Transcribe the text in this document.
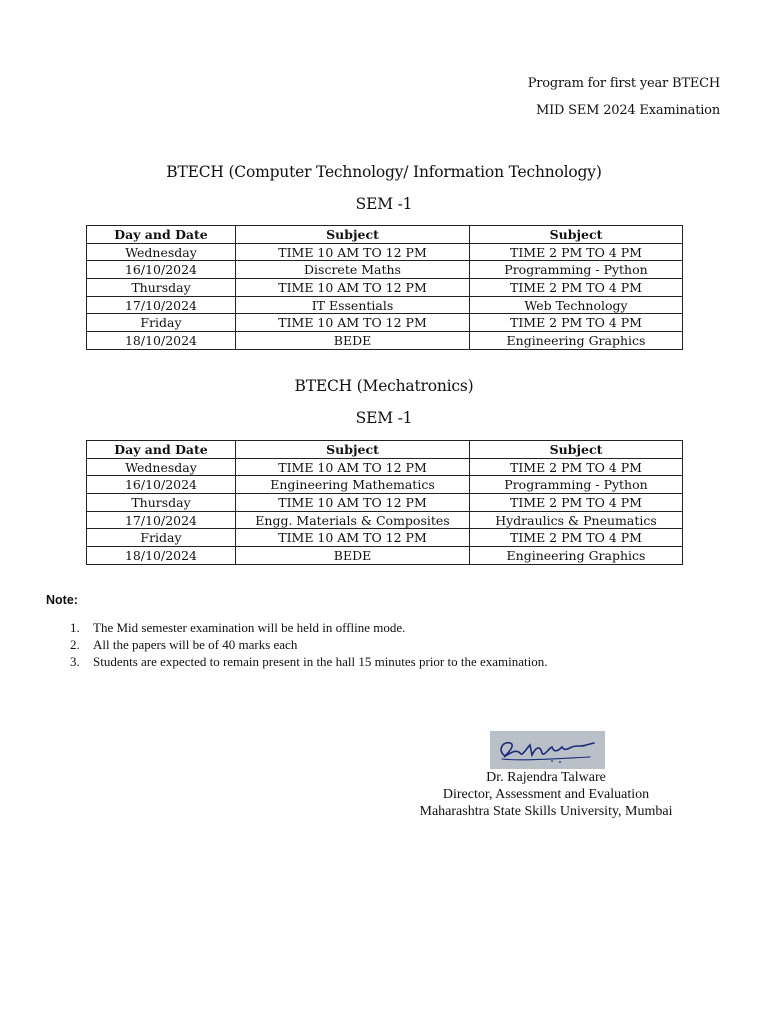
Program for first year BTECH
MID SEM 2024 Examination
BTECH (Computer Technology/ Information Technology)
SEM -1
Day and Date	Subject	Subject
Wednesday	TIME 10 AM TO 12 PM	TIME 2 PM TO 4 PM
16/10/2024	Discrete Maths	Programming - Python
Thursday	TIME 10 AM TO 12 PM	TIME 2 PM TO 4 PM
17/10/2024	IT Essentials	Web Technology
Friday	TIME 10 AM TO 12 PM	TIME 2 PM TO 4 PM
18/10/2024	BEDE	Engineering Graphics
BTECH (Mechatronics)
SEM -1
Day and Date	Subject	Subject
Wednesday	TIME 10 AM TO 12 PM	TIME 2 PM TO 4 PM
16/10/2024	Engineering Mathematics	Programming - Python
Thursday	TIME 10 AM TO 12 PM	TIME 2 PM TO 4 PM
17/10/2024	Engg. Materials & Composites	Hydraulics & Pneumatics
Friday	TIME 10 AM TO 12 PM	TIME 2 PM TO 4 PM
18/10/2024	BEDE	Engineering Graphics
Note:
1. The Mid semester examination will be held in offline mode.
2. All the papers will be of 40 marks each
3. Students are expected to remain present in the hall 15 minutes prior to the examination.
Dr. Rajendra Talware
Director, Assessment and Evaluation
Maharashtra State Skills University, Mumbai
